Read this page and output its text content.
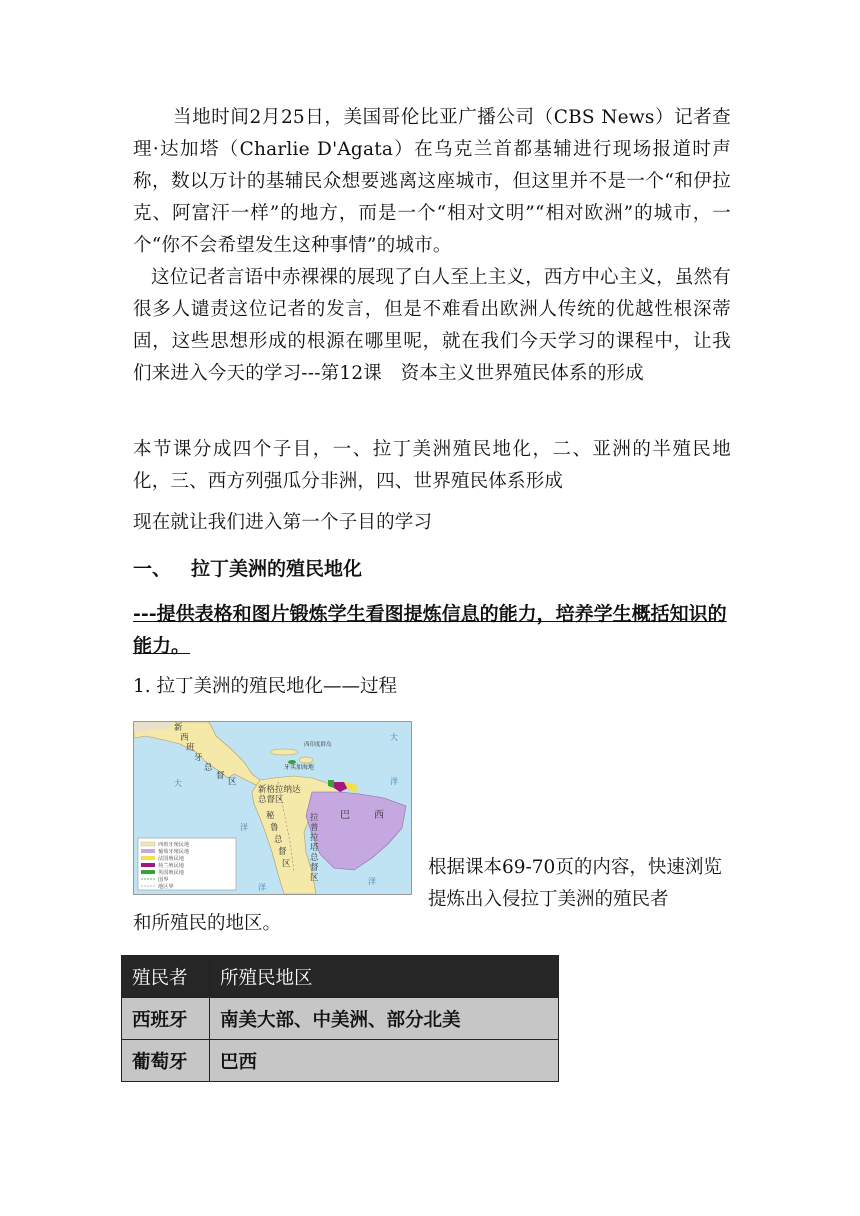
当地时间2月25日，美国哥伦比亚广播公司（CBS News）记者查理·达加塔（Charlie D'Agata）在乌克兰首都基辅进行现场报道时声称，数以万计的基辅民众想要逃离这座城市，但这里并不是一个“和伊拉克、阿富汗一样”的地方，而是一个“相对文明”“相对欧洲”的城市，一个“你不会希望发生这种事情”的城市。

这位记者言语中赤裸裸的展现了白人至上主义，西方中心主义，虽然有很多人谴责这位记者的发言，但是不难看出欧洲人传统的优越性根深蒂固，这些思想形成的根源在哪里呢，就在我们今天学习的课程中，让我们来进入今天的学习---第12课　资本主义世界殖民体系的形成

本节课分成四个子目，一、拉丁美洲殖民地化，二、亚洲的半殖民地化，三、西方列强瓜分非洲，四、世界殖民体系形成

现在就让我们进入第一个子目的学习

一、 拉丁美洲的殖民地化

---提供表格和图片锻炼学生看图提炼信息的能力，培养学生概括知识的能力。

1. 拉丁美洲的殖民地化——过程

西班牙殖民地
葡萄牙殖民地
法国殖民地
荷兰殖民地
英国殖民地
国界
地区界
新
西
班
牙
总
督
区
西印度群岛
牙买加海地
新格拉纳达
总督区
巴 西
秘
鲁
总
督
区
拉
普
拉
塔
总
督
区
大
大	洋
洋
洋
洋

根据课本69-70页的内容，快速浏览提炼出入侵拉丁美洲的殖民者

和所殖民的地区。

殖民者	所殖民地区
西班牙	南美大部、中美洲、部分北美
葡萄牙	巴西
